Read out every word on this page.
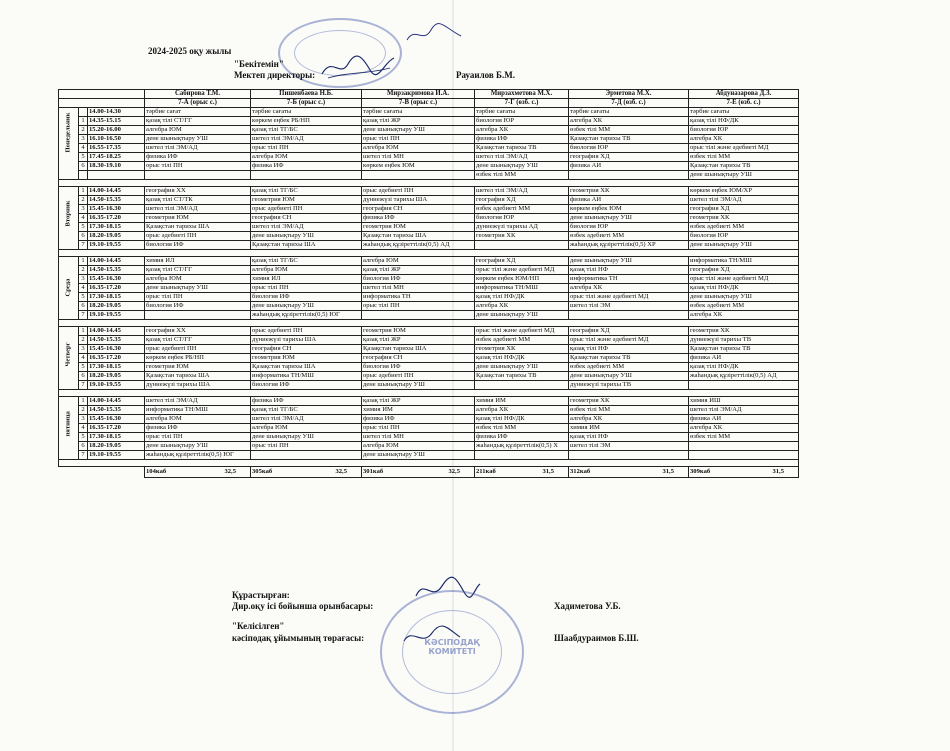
2024-2025 оқу жылы
"Бекітемін"
Мектеп директоры:	Рауаилов Б.М.
			Сабирова Т.М.	Пишенбаева Н.Б.	Мирзакримова И.А.	Мирзахметова М.Х.	Эрметова М.Х.	Абдуназарова Д.З.
			7-А (орыс с.)	7-Б (орыс с.)	7-В (орыс с.)	7-Г (өзб. с.)	7-Д (өзб. с.)	7-Е (өзб. с.)

Понедельник		14.00-14.30	тәрбие сағат	тәрбие сағаты	тәрбие сағаты	тәрбие сағаты	тәрбие сағаты	тәрбие сағаты
	1	14.35-15.15	қазақ тілі СТ/ГГ	көркем еңбек РБ/НП	қазақ тілі ЖР	биология ЮР	алгебра ХК	қазақ тілі НФ/ДК
	2	15.20-16.00	алгебра ЮМ	қазақ тілі ТГ/БС	дене шынықтыру УШ	алгебра ХК	өзбек тілі ММ	биология ЮР
	3	16.10-16.50	дене шынықтыру УШ	шетел тілі ЭМ/АД	орыс тілі ПН	физика ИФ	Қазақстан тарихы ТВ	алгебра ХК
	4	16.55-17.35	шетел тілі ЭМ/АД	орыс тілі ПН	алгебра ЮМ	Қазақстан тарихы ТВ	биология ЮР	орыс тілі және әдебиеті МД
	5	17.45-18.25	физика ИФ	алгебра ЮМ	шетел тілі МН	шетел тілі ЭМ/АД	география ХД	өзбек тілі ММ
	6	18.30-19.10	орыс тілі ПН	физика ИФ	көркем еңбек ЮМ	дене шынықтыру УШ	физика АИ	Қазақстан тарихы ТВ
						өзбек тілі ММ		дене шынықтыру УШ

Вторник	1	14.00-14.45	география ХХ	қазақ тілі ТГ/БС	орыс әдебиеті ПН	шетел тілі ЭМ/АД	геометрия ХК	көркем еңбек ЮМ/ХР
	2	14.50-15.35	қазақ тілі СТ/ТК	геометрия ЮМ	дүниежүзі тарихы ША	география ХД	физика АИ	шетел тілі ЭМ/АД
	3	15.45-16.30	шетел тілі ЭМ/АД	орыс әдебиеті ПН	география СН	өзбек әдебиеті ММ	көркем еңбек ЮМ	география ХД
	4	16.35-17.20	геометрия ЮМ	география СН	физика ИФ	биология ЮР	дене шынықтыру УШ	геометрия ХК
	5	17.30-18.15	Қазақстан тарихы ША	шетел тілі ЭМ/АД	геометрия ЮМ	дүниежүзі тарихы АД	биология ЮР	өзбек әдебиеті ММ
	6	18.20-19.05	орыс әдебиеті ПН	дене шынықтыру УШ	Қазақстан тарихы ША	геометрия ХК	өзбек әдебиеті ММ	биология ЮР
	7	19.10-19.55	биология ИФ	Қазақстан тарихы ША	жаһандық құзіреттілік(0,5) АД		жаһандық құзіреттілік(0,5) ХР	дене шынықтыру УШ

Среда	1	14.00-14.45	химия ИЛ	қазақ тілі ТГ/БС	алгебра ЮМ	география ХД	дене шынықтыру УШ	информатика ТН/МШ
	2	14.50-15.35	қазақ тілі СТ/ГГ	алгебра ЮМ	қазақ тілі ЖР	орыс тілі және әдебиеті МД	қазақ тілі НФ	география ХД
	3	15.45-16.30	алгебра ЮМ	химия ИЛ	биология ИФ	көркем еңбек ЮМ/НП	информатика ТН	орыс тілі және әдебиеті МД
	4	16.35-17.20	дене шынықтыру УШ	орыс тілі ПН	шетел тілі МН	информатика ТН/МШ	алгебра ХК	қазақ тілі НФ/ДК
	5	17.30-18.15	орыс тілі ПН	биология ИФ	информатика ТН	қазақ тілі НФ/ДК	орыс тілі және әдебиеті МД	дене шынықтыру УШ
	6	18.20-19.05	биология ИФ	дене шынықтыру УШ	орыс тілі ПН	алгебра ХК	шетел тілі ЭМ	өзбек әдебиеті ММ
	7	19.10-19.55		жаһандық құзіреттілік(0,5) ЮГ		дене шынықтыру УШ		алгебра ХК

Четверг	1	14.00-14.45	география ХХ	орыс әдебиеті ПН	геометрия ЮМ	орыс тілі және әдебиеті МД	география ХД	геометрия ХК
	2	14.50-15.35	қазақ тілі СТ/ГГ	дүниежүзі тарихы ША	қазақ тілі ЖР	өзбек әдебиеті ММ	орыс тілі және әдебиеті МД	дүниежүзі тарихы ТВ
	3	15.45-16.30	орыс әдебиеті ПН	география СН	Қазақстан тарихы ША	геометрия ХК	қазақ тілі НФ	Қазақстан тарихы ТВ
	4	16.35-17.20	көркем еңбек РБ/НП	геометрия ЮМ	география СН	қазақ тілі НФ/ДК	Қазақстан тарихы ТВ	физика АИ
	5	17.30-18.15	геометрия ЮМ	Қазақстан тарихы ША	биология ИФ	дене шынықтыру УШ	өзбек әдебиеті ММ	қазақ тілі НФ/ДК
	6	18.20-19.05	Қазақстан тарихы ША	информатика ТН/МШ	орыс әдебиеті ПН	Қазақстан тарихы ТВ	дене шынықтыру УШ	жаһандық құзіреттілік(0,5) АД
	7	19.10-19.55	дүниежүзі тарихы ША	биология ИФ	дене шынықтыру УШ		дүниежүзі тарихы ТВ	

пятница	1	14.00-14.45	шетел тілі ЭМ/АД	физика ИФ	қазақ тілі ЖР	химия ИМ	геометрия ХК	химия ИШ
	2	14.50-15.35	информатика ТН/МШ	қазақ тілі ТГ/БС	химия ИМ	алгебра ХК	өзбек тілі ММ	шетел тілі ЭМ/АД
	3	15.45-16.30	алгебра ЮМ	шетел тілі ЭМ/АД	физика ИФ	қазақ тілі НФ/ДК	алгебра ХК	физика АИ
	4	16.35-17.20	физика ИФ	алгебра ЮМ	орыс тілі ПН	өзбек тілі ММ	химия ИМ	алгебра ХК
	5	17.30-18.15	орыс тілі ПН	дене шынықтыру УШ	шетел тілі МН	физика ИФ	қазақ тілі НФ	өзбек тілі ММ
	6	18.20-19.05	дене шынықтыру УШ	орыс тілі ПН	алгебра ЮМ	жаһандық құзіреттілік(0,5) Х	шетел тілі ЭМ	
	7	19.10-19.55	жаһандық құзіреттілік(0,5) ЮГ		дене шынықтыру УШ			

			104каб 32,5	305каб 32,5	301каб 32,5	211каб 31,5	312каб 31,5	309каб 31,5
КӘСІПОДАҚ КОМИТЕТІ
Құрастырған:
Дир.оқу ісі бойынша орынбасары:	Хадиметова У.Б.
"Келісілген"
кәсіподақ ұйымының төрағасы:	Шаабдураимов Б.Ш.
